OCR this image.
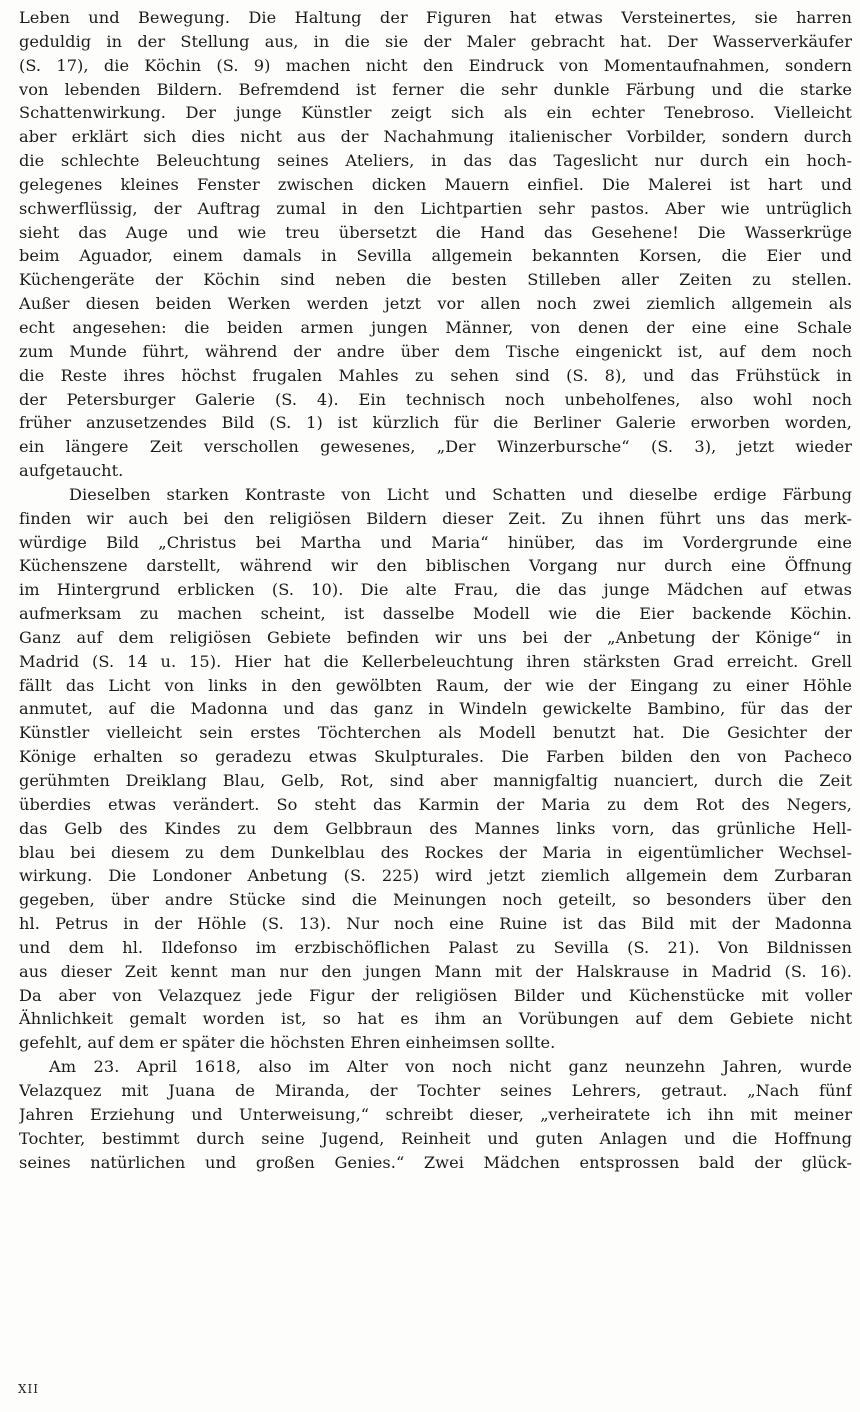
Leben und Bewegung. Die Haltung der Figuren hat etwas Versteinertes, sie harren
geduldig in der Stellung aus, in die sie der Maler gebracht hat. Der Wasserverkäufer
(S. 17), die Köchin (S. 9) machen nicht den Eindruck von Momentaufnahmen, sondern
von lebenden Bildern. Befremdend ist ferner die sehr dunkle Färbung und die starke
Schattenwirkung. Der junge Künstler zeigt sich als ein echter Tenebroso. Vielleicht
aber erklärt sich dies nicht aus der Nachahmung italienischer Vorbilder, sondern durch
die schlechte Beleuchtung seines Ateliers, in das das Tageslicht nur durch ein hoch-
gelegenes kleines Fenster zwischen dicken Mauern einfiel. Die Malerei ist hart und
schwerflüssig, der Auftrag zumal in den Lichtpartien sehr pastos. Aber wie untrüglich
sieht das Auge und wie treu übersetzt die Hand das Gesehene! Die Wasserkrüge
beim Aguador, einem damals in Sevilla allgemein bekannten Korsen, die Eier und
Küchengeräte der Köchin sind neben die besten Stilleben aller Zeiten zu stellen.
Außer diesen beiden Werken werden jetzt vor allen noch zwei ziemlich allgemein als
echt angesehen: die beiden armen jungen Männer, von denen der eine eine Schale
zum Munde führt, während der andre über dem Tische eingenickt ist, auf dem noch
die Reste ihres höchst frugalen Mahles zu sehen sind (S. 8), und das Frühstück in
der Petersburger Galerie (S. 4). Ein technisch noch unbeholfenes, also wohl noch
früher anzusetzendes Bild (S. 1) ist kürzlich für die Berliner Galerie erworben worden,
ein längere Zeit verschollen gewesenes, „Der Winzerbursche“ (S. 3), jetzt wieder
aufgetaucht.
Dieselben starken Kontraste von Licht und Schatten und dieselbe erdige Färbung
finden wir auch bei den religiösen Bildern dieser Zeit. Zu ihnen führt uns das merk-
würdige Bild „Christus bei Martha und Maria“ hinüber, das im Vordergrunde eine
Küchenszene darstellt, während wir den biblischen Vorgang nur durch eine Öffnung
im Hintergrund erblicken (S. 10). Die alte Frau, die das junge Mädchen auf etwas
aufmerksam zu machen scheint, ist dasselbe Modell wie die Eier backende Köchin.
Ganz auf dem religiösen Gebiete befinden wir uns bei der „Anbetung der Könige“ in
Madrid (S. 14 u. 15). Hier hat die Kellerbeleuchtung ihren stärksten Grad erreicht. Grell
fällt das Licht von links in den gewölbten Raum, der wie der Eingang zu einer Höhle
anmutet, auf die Madonna und das ganz in Windeln gewickelte Bambino, für das der
Künstler vielleicht sein erstes Töchterchen als Modell benutzt hat. Die Gesichter der
Könige erhalten so geradezu etwas Skulpturales. Die Farben bilden den von Pacheco
gerühmten Dreiklang Blau, Gelb, Rot, sind aber mannigfaltig nuanciert, durch die Zeit
überdies etwas verändert. So steht das Karmin der Maria zu dem Rot des Negers,
das Gelb des Kindes zu dem Gelbbraun des Mannes links vorn, das grünliche Hell-
blau bei diesem zu dem Dunkelblau des Rockes der Maria in eigentümlicher Wechsel-
wirkung. Die Londoner Anbetung (S. 225) wird jetzt ziemlich allgemein dem Zurbaran
gegeben, über andre Stücke sind die Meinungen noch geteilt, so besonders über den
hl. Petrus in der Höhle (S. 13). Nur noch eine Ruine ist das Bild mit der Madonna
und dem hl. Ildefonso im erzbischöflichen Palast zu Sevilla (S. 21). Von Bildnissen
aus dieser Zeit kennt man nur den jungen Mann mit der Halskrause in Madrid (S. 16).
Da aber von Velazquez jede Figur der religiösen Bilder und Küchenstücke mit voller
Ähnlichkeit gemalt worden ist, so hat es ihm an Vorübungen auf dem Gebiete nicht
gefehlt, auf dem er später die höchsten Ehren einheimsen sollte.
Am 23. April 1618, also im Alter von noch nicht ganz neunzehn Jahren, wurde
Velazquez mit Juana de Miranda, der Tochter seines Lehrers, getraut. „Nach fünf
Jahren Erziehung und Unterweisung,“ schreibt dieser, „verheiratete ich ihn mit meiner
Tochter, bestimmt durch seine Jugend, Reinheit und guten Anlagen und die Hoffnung
seines natürlichen und großen Genies.“ Zwei Mädchen entsprossen bald der glück-
XII
